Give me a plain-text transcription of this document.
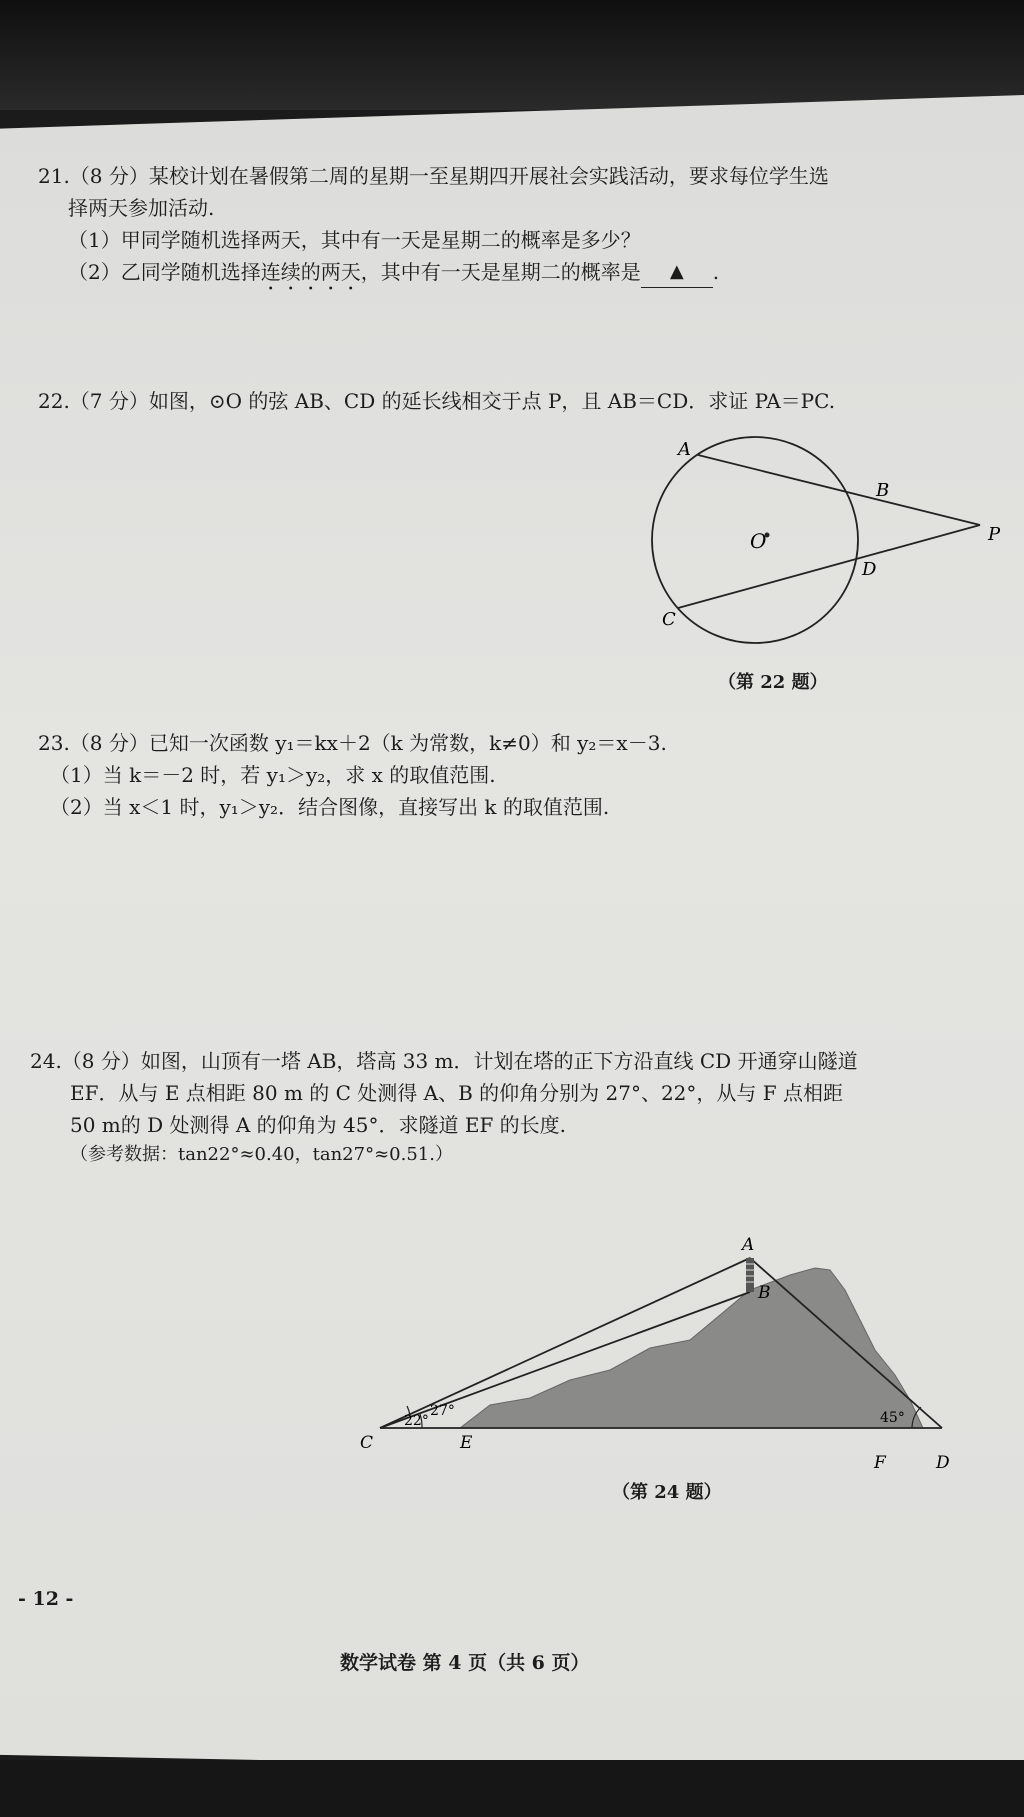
21.（8 分）某校计划在暑假第二周的星期一至星期四开展社会实践活动，要求每位学生选
择两天参加活动.
（1）甲同学随机选择两天，其中有一天是星期二的概率是多少？
（2）乙同学随机选择连续的两天，其中有一天是星期二的概率是 ▲ .
22.（7 分）如图，⊙O 的弦 AB、CD 的延长线相交于点 P，且 AB＝CD．求证 PA＝PC.
A
B
O	P
D
C
（第 22 题）
23.（8 分）已知一次函数 y₁＝kx＋2（k 为常数，k≠0）和 y₂＝x－3.
（1）当 k＝－2 时，若 y₁＞y₂，求 x 的取值范围.
（2）当 x＜1 时，y₁＞y₂．结合图像，直接写出 k 的取值范围.
24.（8 分）如图，山顶有一塔 AB，塔高 33 m．计划在塔的正下方沿直线 CD 开通穿山隧道
EF．从与 E 点相距 80 m 的 C 处测得 A、B 的仰角分别为 27°、22°，从与 F 点相距
50 m的 D 处测得 A 的仰角为 45°．求隧道 EF 的长度.
（参考数据：tan22°≈0.40，tan27°≈0.51.）
22°
27°	45°
A
B
C	E
F	D
（第 24 题）
- 12 -
数学试卷 第 4 页（共 6 页）
